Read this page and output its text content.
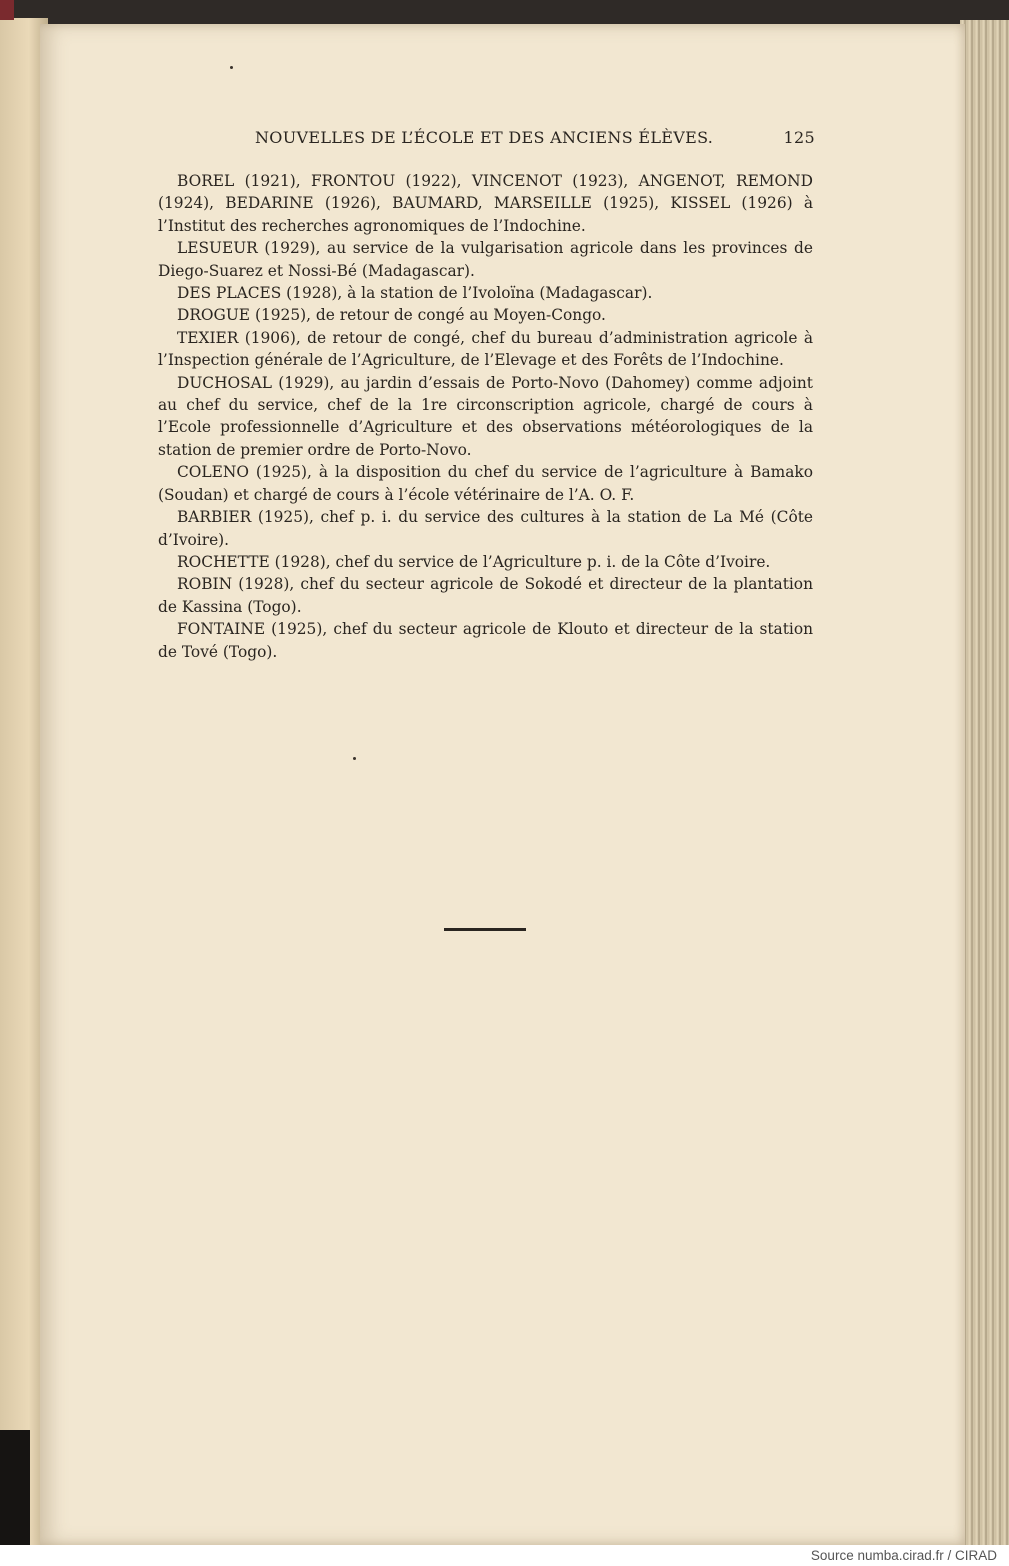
NOUVELLES DE L’ÉCOLE ET DES ANCIENS ÉLÈVES.	125

BOREL (1921), FRONTOU (1922), VINCENOT (1923), ANGENOT, REMOND (1924), BEDARINE (1926), BAUMARD, MARSEILLE (1925), KISSEL (1926) à l’Institut des recherches agronomiques de l’Indochine.

LESUEUR (1929), au service de la vulgarisation agricole dans les provinces de Diego-Suarez et Nossi-Bé (Madagascar).

DES PLACES (1928), à la station de l’Ivoloïna (Madagascar).

DROGUE (1925), de retour de congé au Moyen-Congo.

TEXIER (1906), de retour de congé, chef du bureau d’administration agricole à l’Inspection générale de l’Agriculture, de l’Elevage et des Forêts de l’Indochine.

DUCHOSAL (1929), au jardin d’essais de Porto-Novo (Dahomey) comme adjoint au chef du service, chef de la 1re circonscription agricole, chargé de cours à l’Ecole professionnelle d’Agriculture et des observations météorologiques de la station de premier ordre de Porto-Novo.

COLENO (1925), à la disposition du chef du service de l’agriculture à Bamako (Soudan) et chargé de cours à l’école vétérinaire de l’A. O. F.

BARBIER (1925), chef p. i. du service des cultures à la station de La Mé (Côte d’Ivoire).

ROCHETTE (1928), chef du service de l’Agriculture p. i. de la Côte d’Ivoire.

ROBIN (1928), chef du secteur agricole de Sokodé et directeur de la plantation de Kassina (Togo).

FONTAINE (1925), chef du secteur agricole de Klouto et directeur de la station de Tové (Togo).

Source numba.cirad.fr / CIRAD
